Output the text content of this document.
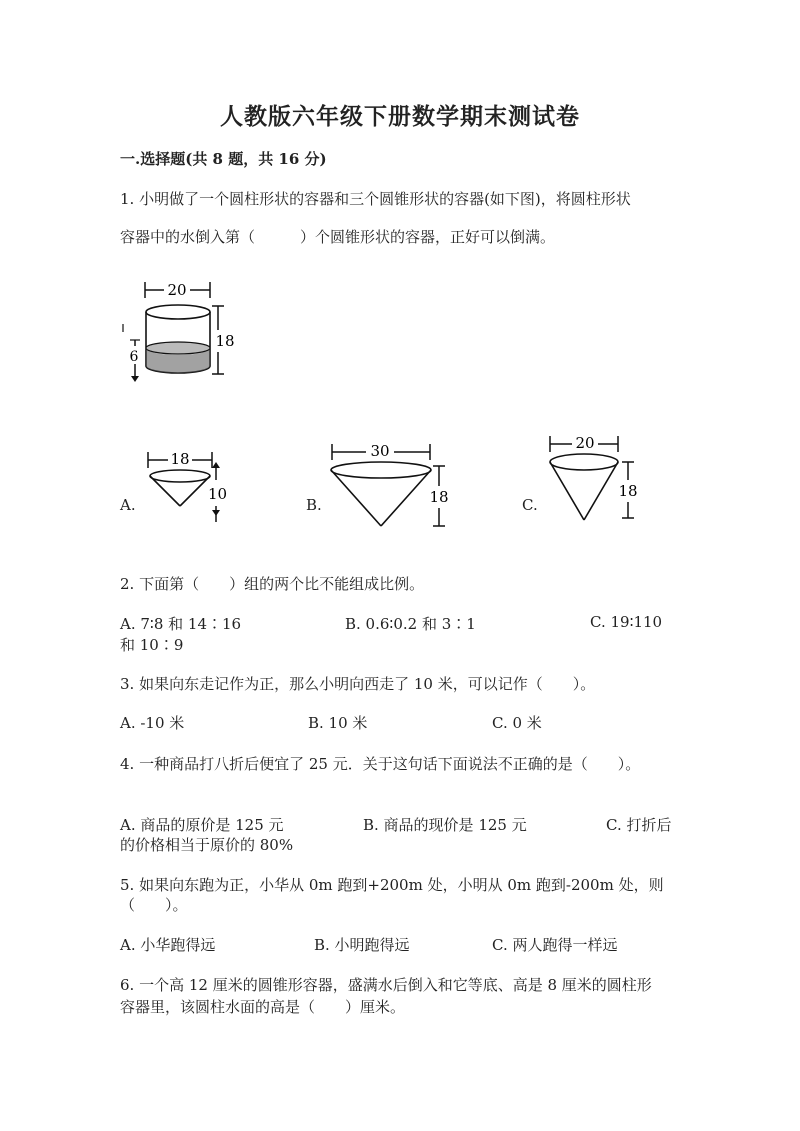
人教版六年级下册数学期末测试卷
一.选择题(共 8 题，共 16 分)
1. 小明做了一个圆柱形状的容器和三个圆锥形状的容器(如下图)，将圆柱形状
容器中的水倒入第（　　　）个圆锥形状的容器，正好可以倒满。
20
18
6
A.
18
10
B.
30
18	C.
20
18
2. 下面第（　　）组的两个比不能组成比例。
A. 7∶8 和 14∶16	B. 0.6∶0.2 和 3∶1	C. 19∶110
和 10∶9
3. 如果向东走记作为正，那么小明向西走了 10 米，可以记作（　　）。
A. -10 米	B. 10 米	C. 0 米
4. 一种商品打八折后便宜了 25 元．关于这句话下面说法不正确的是（　　）。
A. 商品的原价是 125 元	B. 商品的现价是 125 元	C. 打折后
的价格相当于原价的 80%
5. 如果向东跑为正，小华从 0m 跑到+200m 处，小明从 0m 跑到-200m 处，则
（　　）。
A. 小华跑得远	B. 小明跑得远	C. 两人跑得一样远
6. 一个高 12 厘米的圆锥形容器，盛满水后倒入和它等底、高是 8 厘米的圆柱形
容器里，该圆柱水面的高是（　　）厘米。
